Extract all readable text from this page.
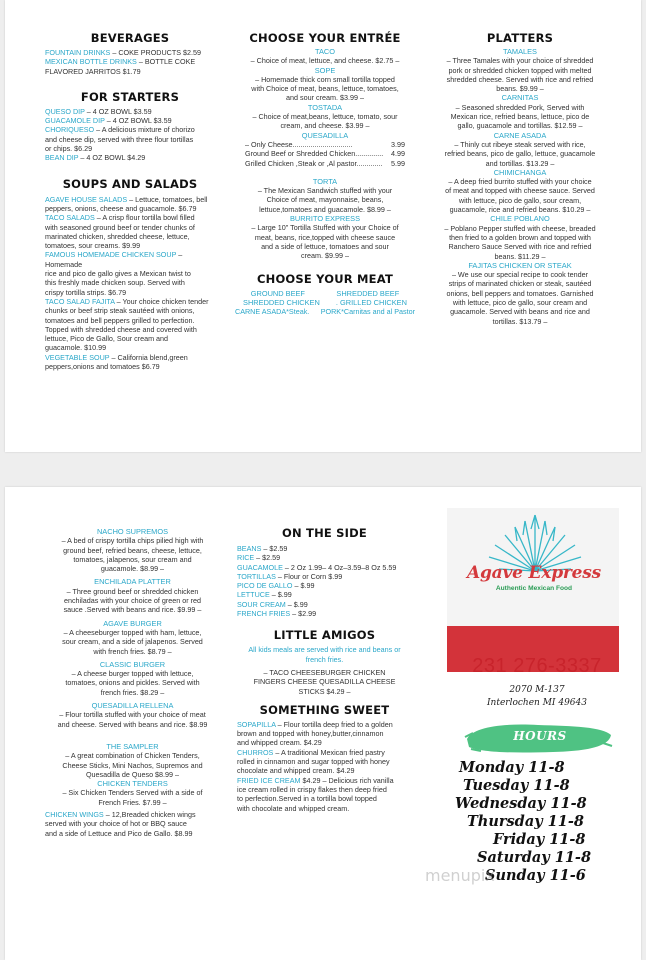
BEVERAGES

FOUNTAIN DRINKS – COKE PRODUCTS $2.59

MEXICAN BOTTLE DRINKS – BOTTLE COKE

FLAVORED JARRITOS $1.79

FOR STARTERS

QUESO DIP – 4 OZ BOWL $3.59

GUACAMOLE DIP – 4 OZ BOWL $3.59

CHORIQUESO – A delicious mixture of chorizo

and cheese dip, served with three flour tortillas

or chips. $6.29

BEAN DIP – 4 OZ BOWL $4.29

SOUPS AND SALADS

AGAVE HOUSE SALADS – Lettuce, tomatoes, bell

peppers, onions, cheese and guacamole. $6.79

TACO SALADS – A crisp flour tortilla bowl filled

with seasoned ground beef or tender chunks of

marinated chicken, shredded cheese, lettuce,

tomatoes, sour creams. $9.99

FAMOUS HOMEMADE CHICKEN SOUP – Homemade

rice and pico de gallo gives a Mexican twist to

this freshly made chicken soup. Served with

crispy tortilla strips. $6.79

TACO SALAD FAJITA – Your choice chicken tender

chunks or beef strip steak sautéed with onions,

tomatoes and bell peppers grilled to perfection.

Topped with shredded cheese and covered with

lettuce, Pico de Gallo, Sour cream and

guacamole. $10.99

VEGETABLE SOUP – California blend,green

peppers,onions and tomatoes $6.79

CHOOSE YOUR ENTRÉE

TACO

– Choice of meat, lettuce, and cheese. $2.75 –

SOPE

– Homemade thick corn small tortilla topped

with Choice of meat, beans, lettuce, tomatoes,

and sour cream. $3.99 –

TOSTADA

– Choice of meat,beans, lettuce, tomato, sour

cream, and cheese. $3.99 –

QUESADILLA

– Only Cheese..............................	3.99

Ground Beef or Shredded Chicken.............. 4.99

Grilled Chicken ,Steak or ,Al pastor............. 5.99

TORTA

– The Mexican Sandwich stuffed with your

Choice of meat, mayonnaise, beans,

lettuce,tomatoes and guacamole. $8.99 –

BURRITO EXPRESS

– Large 10" Tortilla Stuffed with your Choice of

meat, beans, rice,topped with cheese sauce

and a side of lettuce, tomatoes and sour

cream. $9.99 –

CHOOSE YOUR MEAT

GROUND BEEF	SHREDDED BEEF

SHREDDED CHICKEN . GRILLED CHICKEN

CARNE ASADA*Steak. PORK*Carnitas and al Pastor

PLATTERS

TAMALES

– Three Tamales with your choice of shredded

pork or shredded chicken topped with melted

shredded cheese. Served with rice and refried

beans. $9.99 –

CARNITAS

– Seasoned shredded Pork, Served with

Mexican rice, refried beans, lettuce, pico de

gallo, guacamole and tortillas. $12.59 –

CARNE ASADA

– Thinly cut ribeye steak served with rice,

refried beans, pico de gallo, lettuce, guacamole

and tortillas. $13.29 –

CHIMICHANGA

– A deep fried burrito stuffed with your choice

of meat and topped with cheese sauce. Served

with lettuce, pico de gallo, sour cream,

guacamole, rice and refried beans. $10.29 –

CHILE POBLANO

– Poblano Pepper stuffed with cheese, breaded

then fried to a golden brown and topped with

Ranchero Sauce Served with rice and refried

beans. $11.29 –

FAJITAS CHICKEN OR STEAK

– We use our special recipe to cook tender

strips of marinated chicken or steak, sautéed

onions, bell peppers and tomatoes. Garnished

with lettuce, pico de gallo, sour cream and

guacamole. Served with beans and rice and

tortillas. $13.79 –

NACHO SUPREMOS

– A bed of crispy tortilla chips pilied high with

ground beef, refried beans, cheese, lettuce,

tomatoes, jalapenos, sour cream and

guacamole. $8.99 –

ENCHILADA PLATTER

– Three ground beef or shredded chicken

enchiladas with your choice of green or red

sauce .Served with beans and rice. $9.99 –

AGAVE BURGER

– A cheeseburger topped with ham, lettuce,

sour cream, and a side of jalapenos. Served

with french fries. $8.79 –

CLASSIC BURGER

– A cheese burger topped with lettuce,

tomatoes, onions and pickles. Served with

french fries. $8.29 –

QUESADILLA RELLENA

– Flour tortilla stuffed with your choice of meat

and cheese. Served with beans and rice. $8.99

THE SAMPLER

– A great combination of Chicken Tenders,

Cheese Sticks, Mini Nachos, Supremos and

Quesadilla de Queso $8.99 –

CHICKEN TENDERS

– Six Chicken Tenders Served with a side of

French Fries. $7.99 –

CHICKEN WINGS – 12,Breaded chicken wings

served with your choice of hot or BBQ sauce

and a side of Lettuce and Pico de Gallo. $8.99

ON THE SIDE

BEANS – $2.59

RICE – $2.59

GUACAMOLE – 2 Oz 1.99– 4 Oz–3.59–8 Oz 5.59

TORTILLAS – Flour or Corn $.99

PICO DE GALLO – $.99

LETTUCE – $.99

SOUR CREAM – $.99

FRENCH FRIES – $2.99

LITTLE AMIGOS

All kids meals are served with rice and beans or

french fries.

– TACO CHEESEBURGER CHICKEN

FINGERS CHEESE QUESADILLA CHEESE

STICKS $4.29 –

SOMETHING SWEET

SOPAPILLA – Flour tortilla deep fried to a golden

brown and topped with honey,butter,cinnamon

and whipped cream. $4.29

CHURROS – A traditional Mexican fried pastry

rolled in cinnamon and sugar topped with honey

chocolate and whipped cream. $4.29

FRIED ICE CREAM $4.29 – Delicious rich vanilla

ice cream rolled in crispy flakes then deep fried

to perfection.Served in a tortilla bowl topped

with chocolate and whipped cream.

Agave Express
Authentic Mexican Food
231 276-3337
2070 M-137
Interlochen MI 49643
HOURS
Monday 11-8
Tuesday 11-8
Wednesday 11-8
Thursday 11-8
Friday 11-8
Saturday 11-8
Sunday 11-6
menupix
